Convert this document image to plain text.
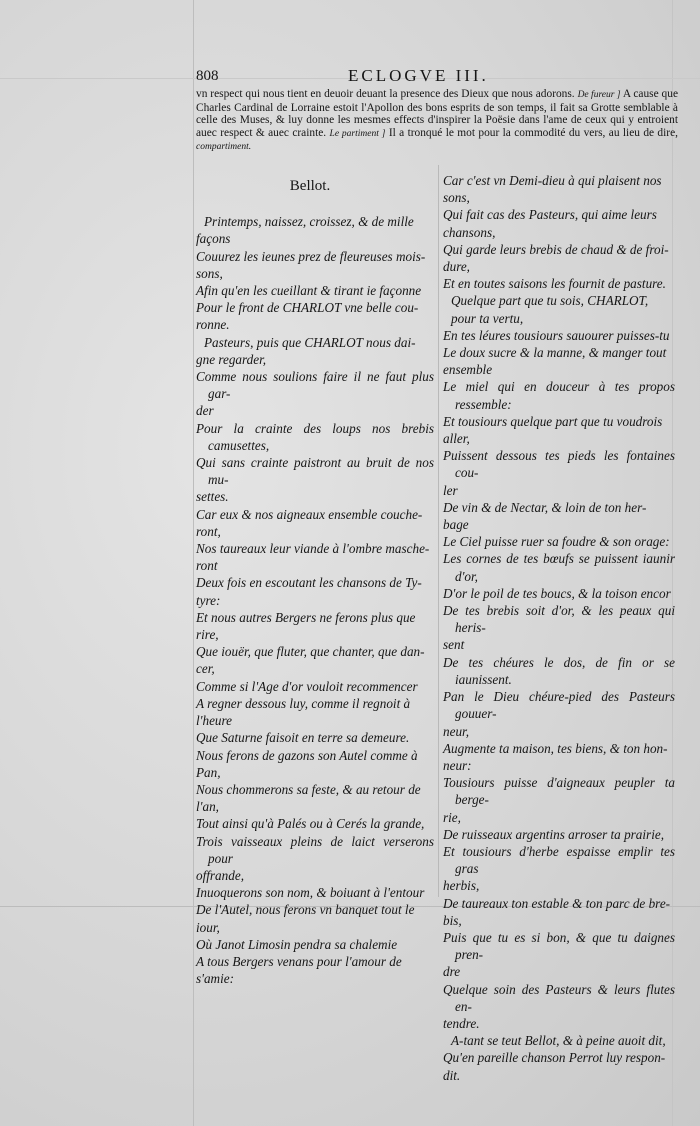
808	ECLOGVE III.
vn respect qui nous tient en deuoir deuant la presence des Dieux que nous adorons. De fureur ] A cause que Charles Cardinal de Lorraine estoit l'Apollon des bons esprits de son temps, il fait sa Grotte semblable à celle des Muses, & luy donne les mesmes effects d'inspirer la Poësie dans l'ame de ceux qui y entroient auec respect & auec crainte. Le partiment ] Il a tronqué le mot pour la commodité du vers, au lieu de dire, compartiment.
Bellot.
Printemps, naissez, croissez, & de mille
façons
Couurez les ieunes prez de fleureuses mois-
sons,
Afin qu'en les cueillant & tirant ie façonne
Pour le front de CHARLOT vne belle cou-
ronne.
Pasteurs, puis que CHARLOT nous dai-
gne regarder,
Comme nous soulions faire il ne faut plus gar-
der
Pour la crainte des loups nos brebis camusettes,
Qui sans crainte paistront au bruit de nos mu-
settes.
Car eux & nos aigneaux ensemble couche-
ront,
Nos taureaux leur viande à l'ombre masche-
ront
Deux fois en escoutant les chansons de Ty-
tyre:
Et nous autres Bergers ne ferons plus que
rire,
Que iouër, que fluter, que chanter, que dan-
cer,
Comme si l'Age d'or vouloit recommencer
A regner dessous luy, comme il regnoit à
l'heure
Que Saturne faisoit en terre sa demeure.
Nous ferons de gazons son Autel comme à
Pan,
Nous chommerons sa feste, & au retour de
l'an,
Tout ainsi qu'à Palés ou à Cerés la grande,
Trois vaisseaux pleins de laict verserons pour
offrande,
Inuoquerons son nom, & boiuant à l'entour
De l'Autel, nous ferons vn banquet tout le
iour,
Où Janot Limosin pendra sa chalemie
A tous Bergers venans pour l'amour de
s'amie:
Car c'est vn Demi-dieu à qui plaisent nos
sons,
Qui fait cas des Pasteurs, qui aime leurs
chansons,
Qui garde leurs brebis de chaud & de froi-
dure,
Et en toutes saisons les fournit de pasture.
Quelque part que tu sois, CHARLOT,
pour ta vertu,
En tes léures tousiours sauourer puisses-tu
Le doux sucre & la manne, & manger tout
ensemble
Le miel qui en douceur à tes propos ressemble:
Et tousiours quelque part que tu voudrois
aller,
Puissent dessous tes pieds les fontaines cou-
ler
De vin & de Nectar, & loin de ton her-
bage
Le Ciel puisse ruer sa foudre & son orage:
Les cornes de tes bœufs se puissent iaunir d'or,
D'or le poil de tes boucs, & la toison encor
De tes brebis soit d'or, & les peaux qui heris-
sent
De tes chéures le dos, de fin or se iaunissent.
Pan le Dieu chéure-pied des Pasteurs gouuer-
neur,
Augmente ta maison, tes biens, & ton hon-
neur:
Tousiours puisse d'aigneaux peupler ta berge-
rie,
De ruisseaux argentins arroser ta prairie,
Et tousiours d'herbe espaisse emplir tes gras
herbis,
De taureaux ton estable & ton parc de bre-
bis,
Puis que tu es si bon, & que tu daignes pren-
dre
Quelque soin des Pasteurs & leurs flutes en-
tendre.
A-tant se teut Bellot, & à peine auoit dit,
Qu'en pareille chanson Perrot luy respon-
dit.
